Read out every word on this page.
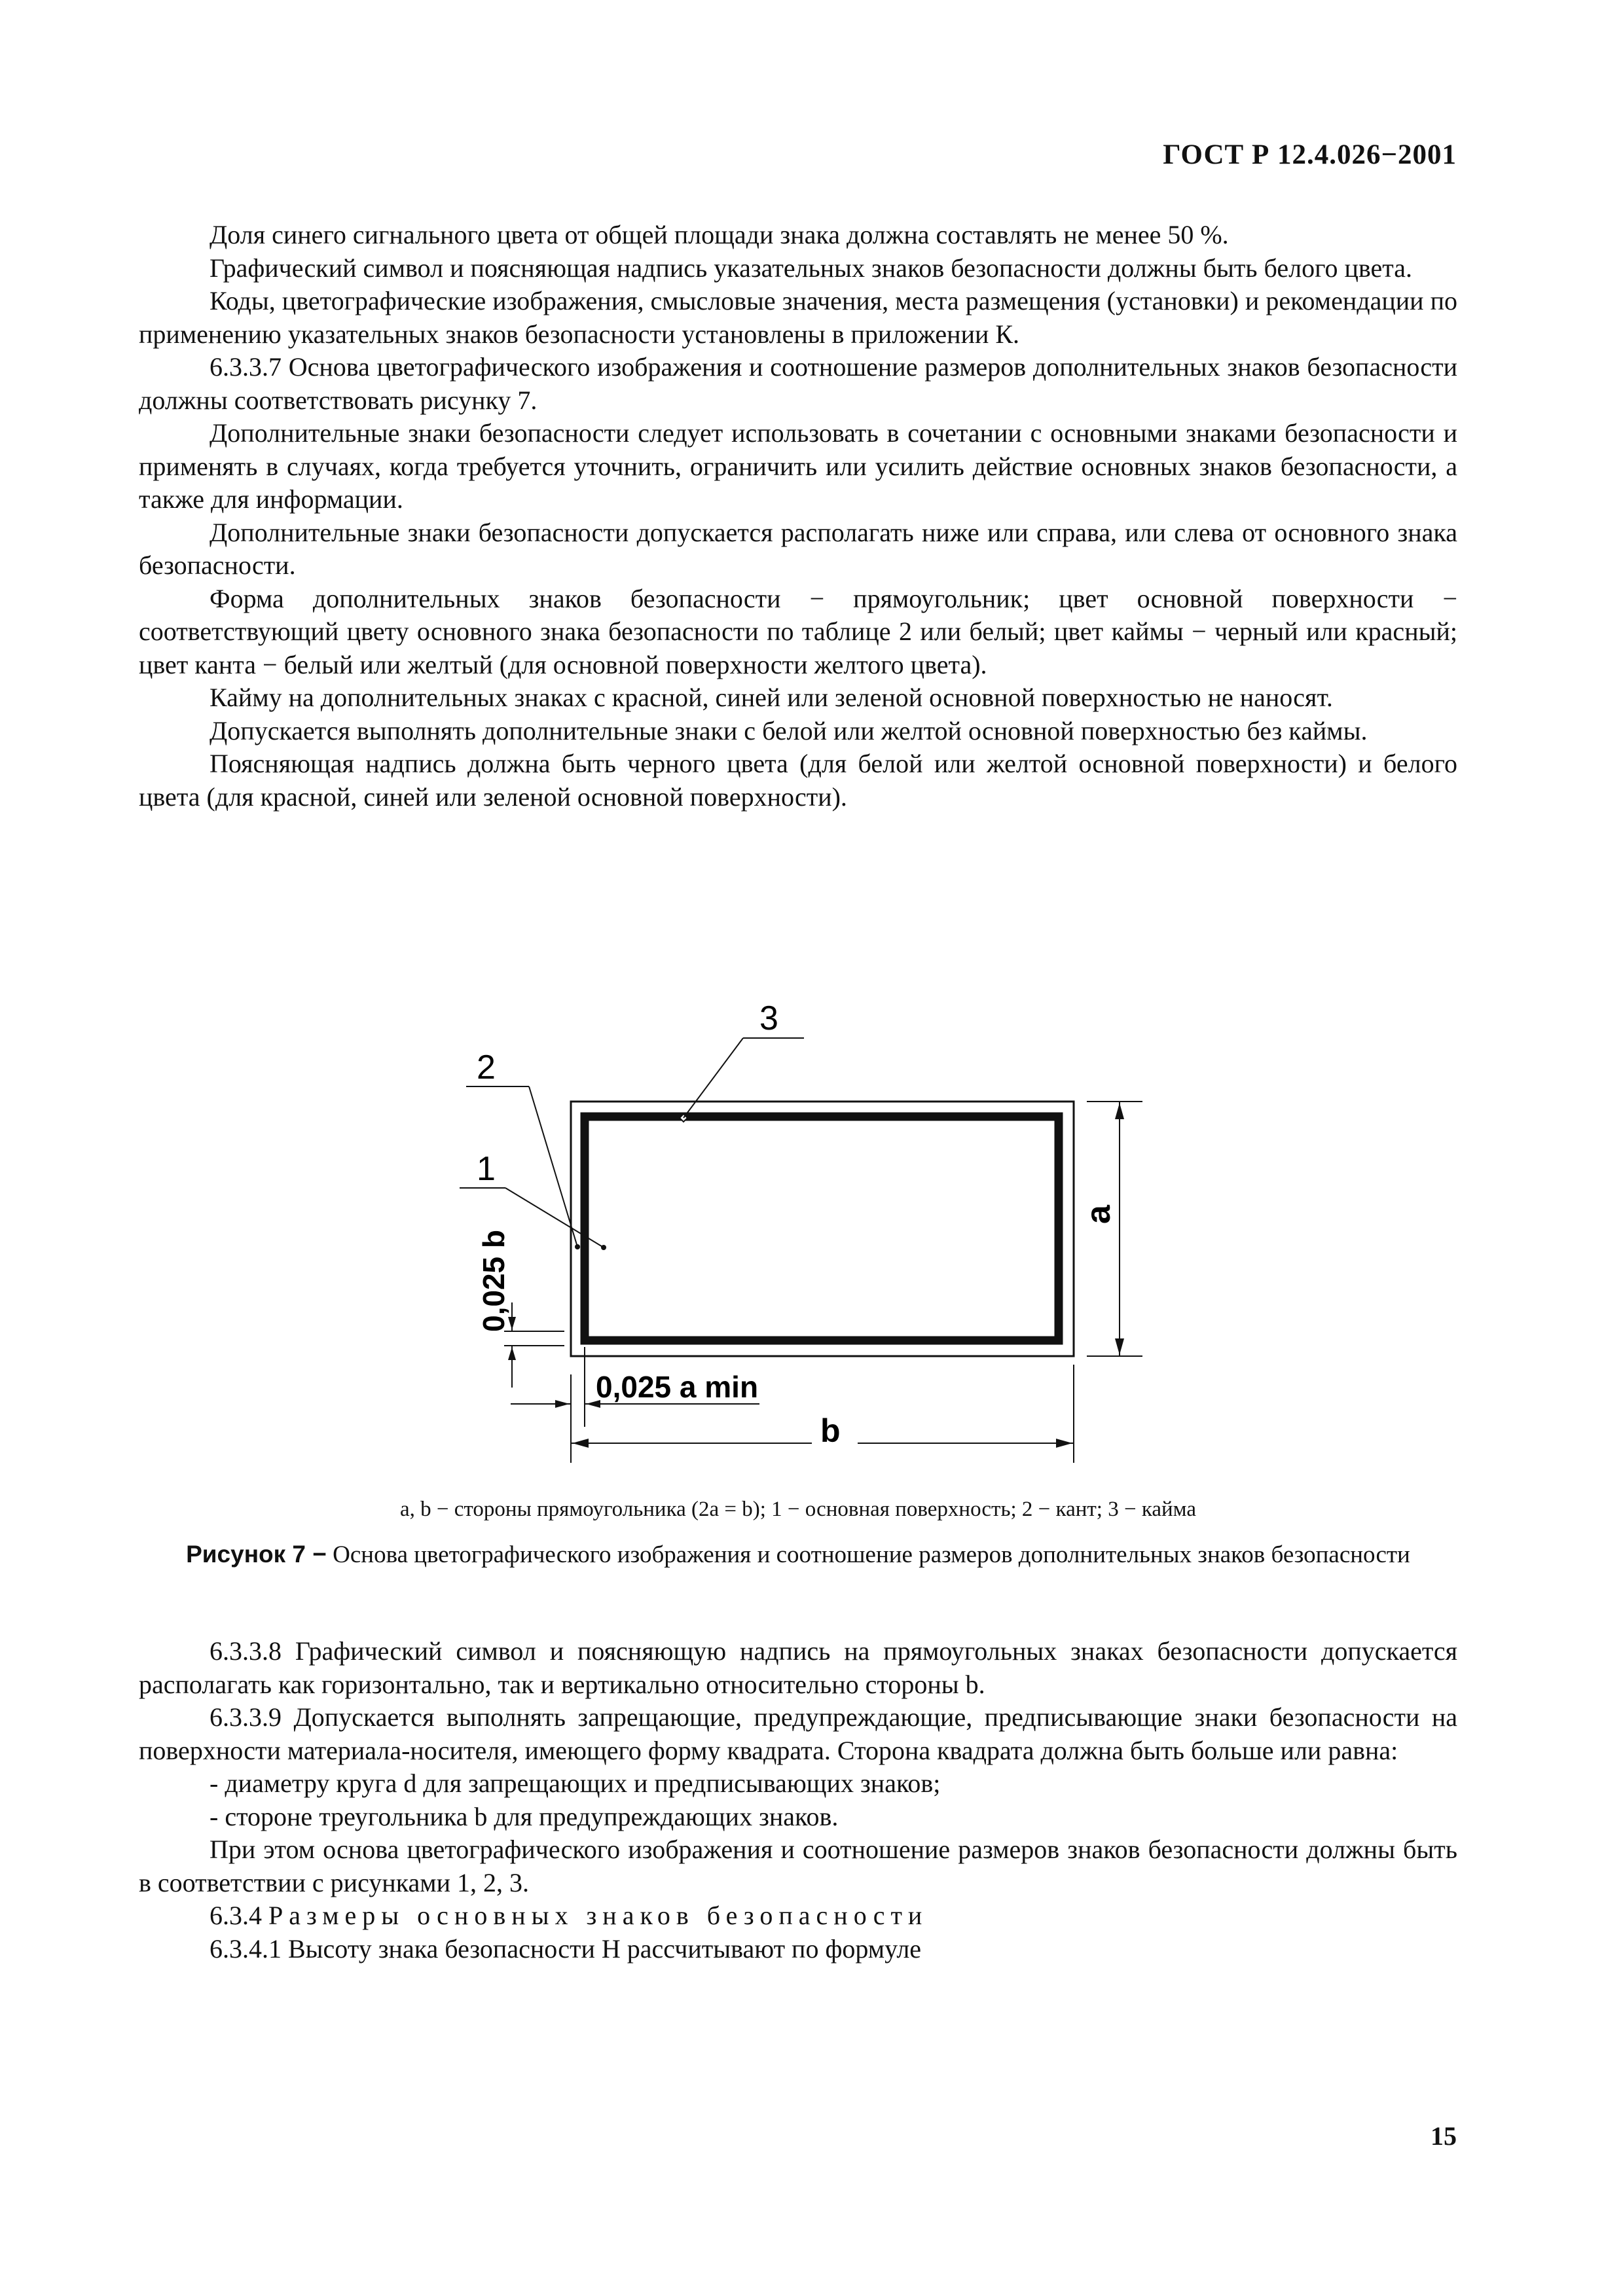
ГОСТ Р 12.4.026−2001

Доля синего сигнального цвета от общей площади знака должна составлять не менее 50 %.

Графический символ и поясняющая надпись указательных знаков безопасности должны быть белого цвета.

Коды, цветографические изображения, смысловые значения, места размещения (установки) и рекомендации по применению указательных знаков безопасности установлены в приложении К.

6.3.3.7 Основа цветографического изображения и соотношение размеров дополнительных знаков безопасности должны соответствовать рисунку 7.

Дополнительные знаки безопасности следует использовать в сочетании с основными знаками безопасности и применять в случаях, когда требуется уточнить, ограничить или усилить действие основных знаков безопасности, а также для информации.

Дополнительные знаки безопасности допускается располагать ниже или справа, или слева от основного знака безопасности.

Форма дополнительных знаков безопасности − прямоугольник; цвет основной поверхности − соответствующий цвету основного знака безопасности по таблице 2 или белый; цвет каймы − черный или красный; цвет канта − белый или желтый (для основной поверхности желтого цвета).

Кайму на дополнительных знаках с красной, синей или зеленой основной поверхностью не наносят.

Допускается выполнять дополнительные знаки с белой или желтой основной поверхностью без каймы.

Поясняющая надпись должна быть черного цвета (для белой или желтой основной поверхности) и белого цвета (для красной, синей или зеленой основной поверхности).

1
2
3
a
b
0,025 a min
0,025 b
a, b − стороны прямоугольника (2a = b); 1 − основная поверхность; 2 − кант; 3 − кайма
Рисунок 7 − Основа цветографического изображения и соотношение размеров дополнительных знаков безопасности

6.3.3.8 Графический символ и поясняющую надпись на прямоугольных знаках безопасности допускается располагать как горизонтально, так и вертикально относительно стороны b.

6.3.3.9 Допускается выполнять запрещающие, предупреждающие, предписывающие знаки безопасности на поверхности материала-носителя, имеющего форму квадрата. Сторона квадрата должна быть больше или равна:

- диаметру круга d для запрещающих и предписывающих знаков;

- стороне треугольника b для предупреждающих знаков.

При этом основа цветографического изображения и соотношение размеров знаков безопасности должны быть в соответствии с рисунками 1, 2, 3.

6.3.4 Размеры основных знаков безопасности

6.3.4.1 Высоту знака безопасности H рассчитывают по формуле

15
